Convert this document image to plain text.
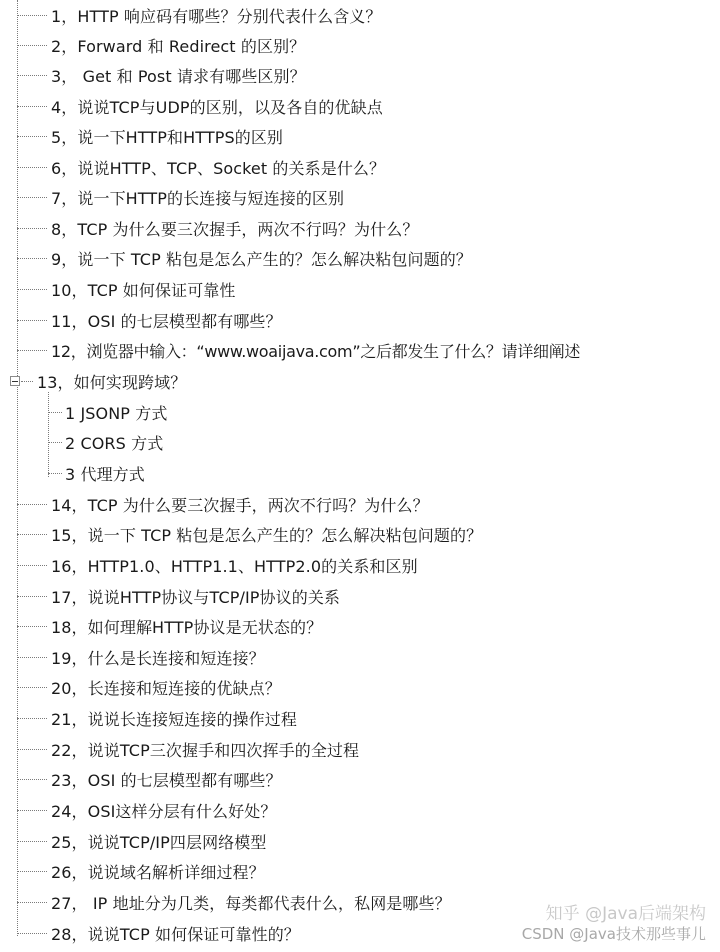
1，HTTP 响应码有哪些？分别代表什么含义？
2，Forward 和 Redirect 的区别？
3， Get 和 Post 请求有哪些区别？
4，说说TCP与UDP的区别，以及各自的优缺点
5，说一下HTTP和HTTPS的区别
6，说说HTTP、TCP、Socket 的关系是什么？
7，说一下HTTP的长连接与短连接的区别
8，TCP 为什么要三次握手，两次不行吗？为什么？
9，说一下 TCP 粘包是怎么产生的？怎么解决粘包问题的？
10，TCP 如何保证可靠性
11，OSI 的七层模型都有哪些？
12，浏览器中输入：“www.woaijava.com”之后都发生了什么？请详细阐述
13，如何实现跨域？
1 JSONP 方式
2 CORS 方式
3 代理方式
14，TCP 为什么要三次握手，两次不行吗？为什么？
15，说一下 TCP 粘包是怎么产生的？怎么解决粘包问题的？
16，HTTP1.0、HTTP1.1、HTTP2.0的关系和区别
17，说说HTTP协议与TCP/IP协议的关系
18，如何理解HTTP协议是无状态的？
19，什么是长连接和短连接？
20，长连接和短连接的优缺点？
21，说说长连接短连接的操作过程
22，说说TCP三次握手和四次挥手的全过程
23，OSI 的七层模型都有哪些？
24，OSI这样分层有什么好处？
25，说说TCP/IP四层网络模型
26，说说域名解析详细过程？
27， IP 地址分为几类，每类都代表什么，私网是哪些？
28，说说TCP 如何保证可靠性的？
知乎 @Java后端架构
CSDN @Java技术那些事儿
